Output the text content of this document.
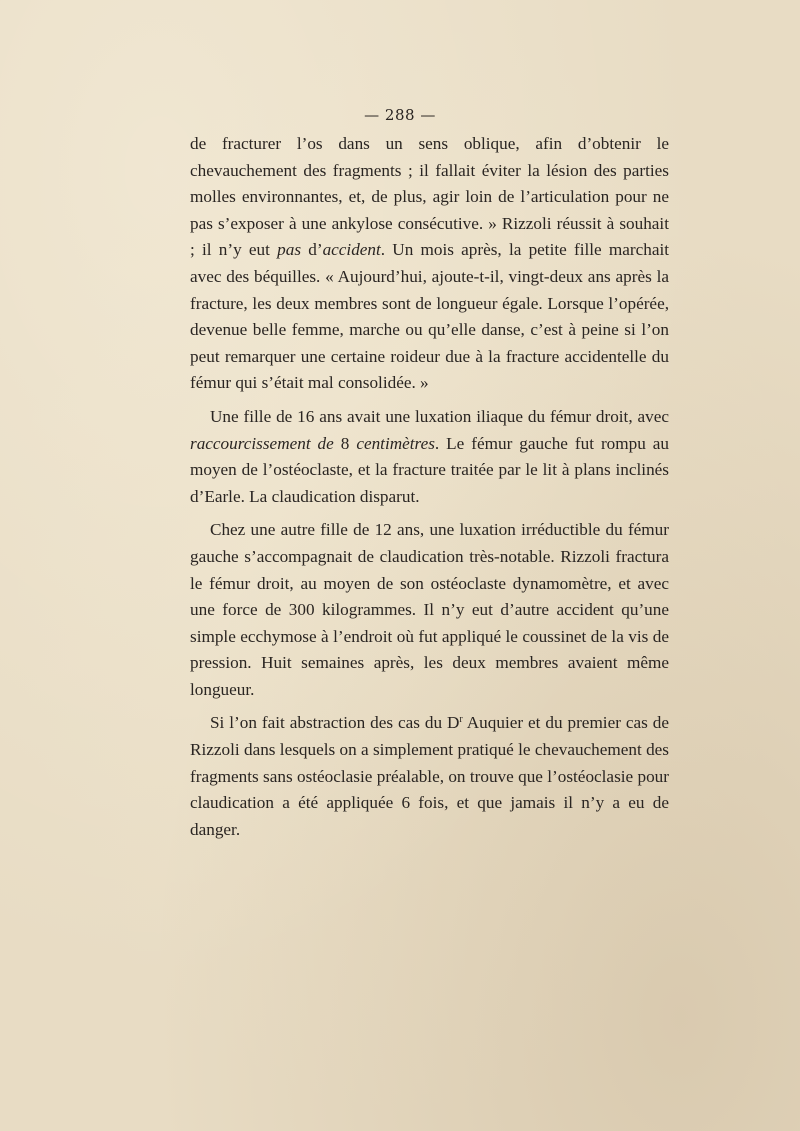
— 288 —

de fracturer l’os dans un sens oblique, afin d’obtenir le chevauchement des fragments ; il fallait éviter la lésion des parties molles environnantes, et, de plus, agir loin de l’articulation pour ne pas s’exposer à une ankylose consécutive. » Rizzoli réussit à souhait ; il n’y eut pas d’accident. Un mois après, la petite fille marchait avec des béquilles. « Aujourd’hui, ajoute-t-il, vingt-deux ans après la fracture, les deux membres sont de longueur égale. Lorsque l’opérée, devenue belle femme, marche ou qu’elle danse, c’est à peine si l’on peut remarquer une certaine roideur due à la fracture accidentelle du fémur qui s’était mal consolidée. »

Une fille de 16 ans avait une luxation iliaque du fémur droit, avec raccourcissement de 8 centimètres. Le fémur gauche fut rompu au moyen de l’ostéoclaste, et la fracture traitée par le lit à plans inclinés d’Earle. La claudication disparut.

Chez une autre fille de 12 ans, une luxation irréductible du fémur gauche s’accompagnait de claudication très-notable. Rizzoli fractura le fémur droit, au moyen de son ostéoclaste dynamomètre, et avec une force de 300 kilogrammes. Il n’y eut d’autre accident qu’une simple ecchymose à l’endroit où fut appliqué le coussinet de la vis de pression. Huit semaines après, les deux membres avaient même longueur.

Si l’on fait abstraction des cas du $D^r$ Auquier et du premier cas de Rizzoli dans lesquels on a simplement pratiqué le chevauchement des fragments sans ostéoclasie préalable, on trouve que l’ostéoclasie pour claudication a été appliquée 6 fois, et que jamais il n’y a eu de danger.
